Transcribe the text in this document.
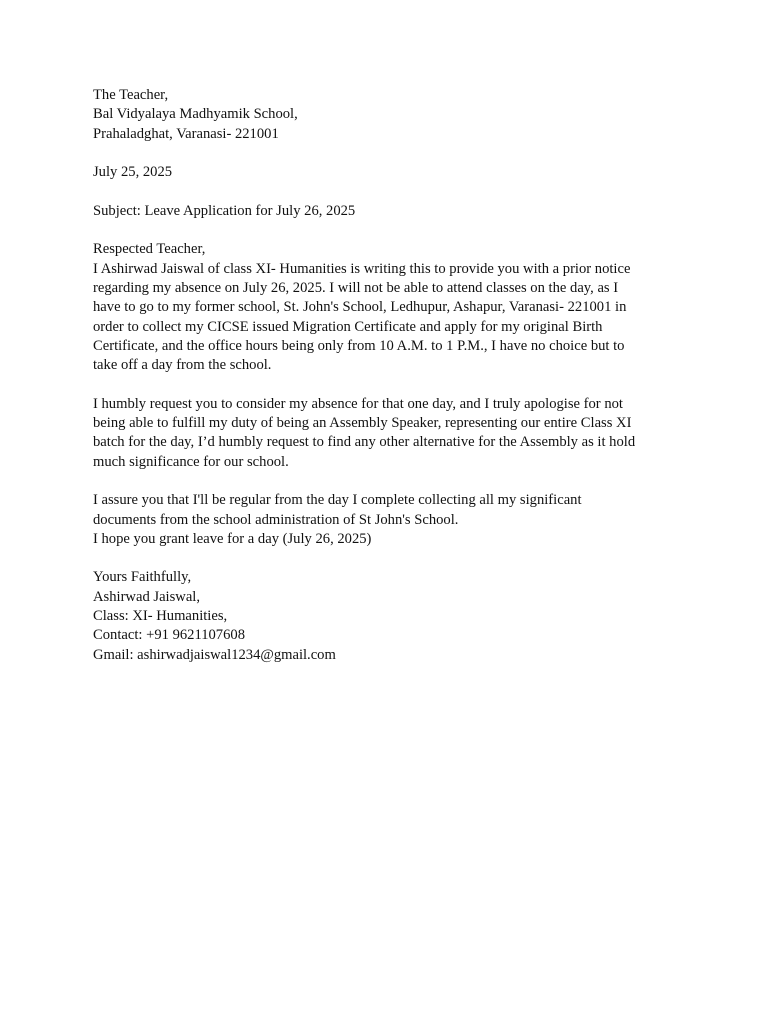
The Teacher,
Bal Vidyalaya Madhyamik School,
Prahaladghat, Varanasi- 221001
July 25, 2025
Subject: Leave Application for July 26, 2025
Respected Teacher,
I Ashirwad Jaiswal of class XI- Humanities is writing this to provide you with a prior notice
regarding my absence on July 26, 2025. I will not be able to attend classes on the day, as I
have to go to my former school, St. John's School, Ledhupur, Ashapur, Varanasi- 221001 in
order to collect my CICSE issued Migration Certificate and apply for my original Birth
Certificate, and the office hours being only from 10 A.M. to 1 P.M., I have no choice but to
take off a day from the school.
I humbly request you to consider my absence for that one day, and I truly apologise for not
being able to fulfill my duty of being an Assembly Speaker, representing our entire Class XI
batch for the day, I’d humbly request to find any other alternative for the Assembly as it hold
much significance for our school.
I assure you that I'll be regular from the day I complete collecting all my significant
documents from the school administration of St John's School.
I hope you grant leave for a day (July 26, 2025)
Yours Faithfully,
Ashirwad Jaiswal,
Class: XI- Humanities,
Contact: +91 9621107608
Gmail: ashirwadjaiswal1234@gmail.com
